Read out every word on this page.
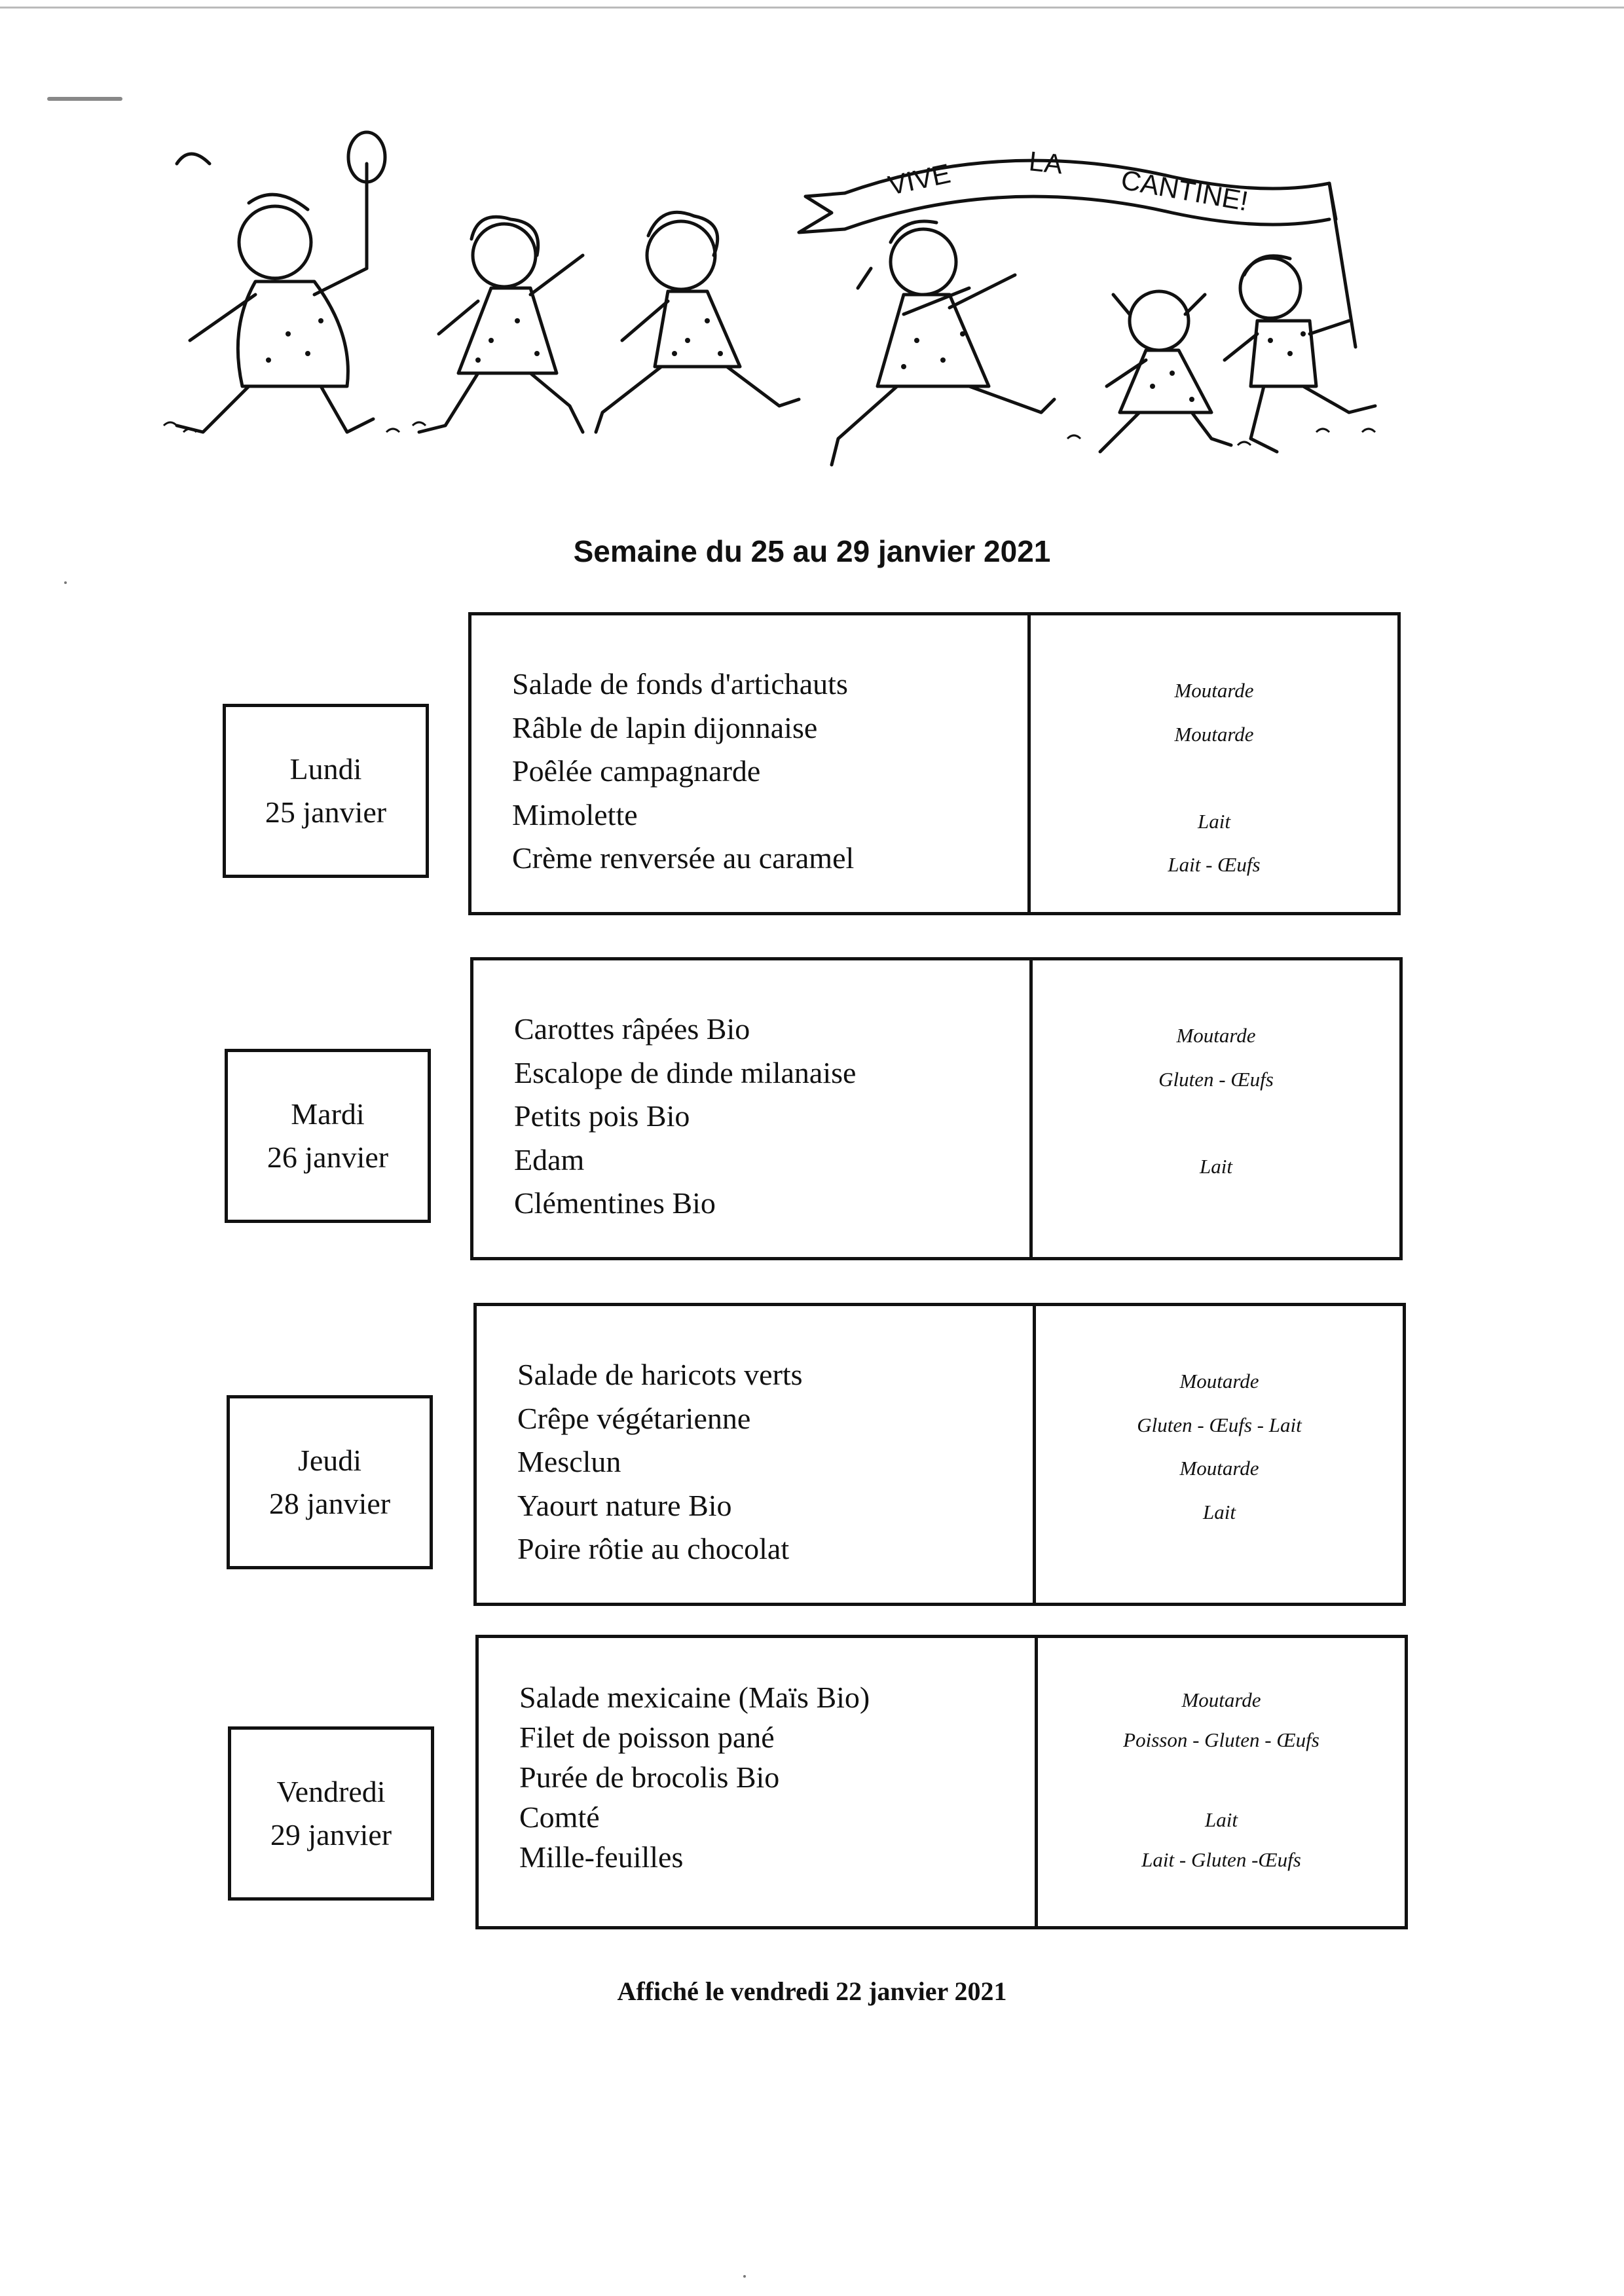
VIVE	LA
CANTINE!
Semaine du 25 au 29 janvier 2021
Lundi
25 janvier
Salade de fonds d'artichauts
Râble de lapin dijonnaise
Poêlée campagnarde
Mimolette
Crème renversée au caramel
Moutarde
Moutarde
Lait
Lait - Œufs
Mardi
26 janvier
Carottes râpées Bio
Escalope de dinde milanaise
Petits pois Bio
Edam
Clémentines Bio
Moutarde
Gluten - Œufs
Lait
Jeudi
28 janvier
Salade de haricots verts
Crêpe végétarienne
Mesclun
Yaourt nature Bio
Poire rôtie au chocolat
Moutarde
Gluten - Œufs - Lait
Moutarde
Lait
Vendredi
29 janvier
Salade mexicaine (Maïs Bio)
Filet de poisson pané
Purée de brocolis Bio
Comté
Mille-feuilles
Moutarde
Poisson - Gluten - Œufs
Lait
Lait - Gluten -Œufs
Affiché le vendredi 22 janvier 2021
